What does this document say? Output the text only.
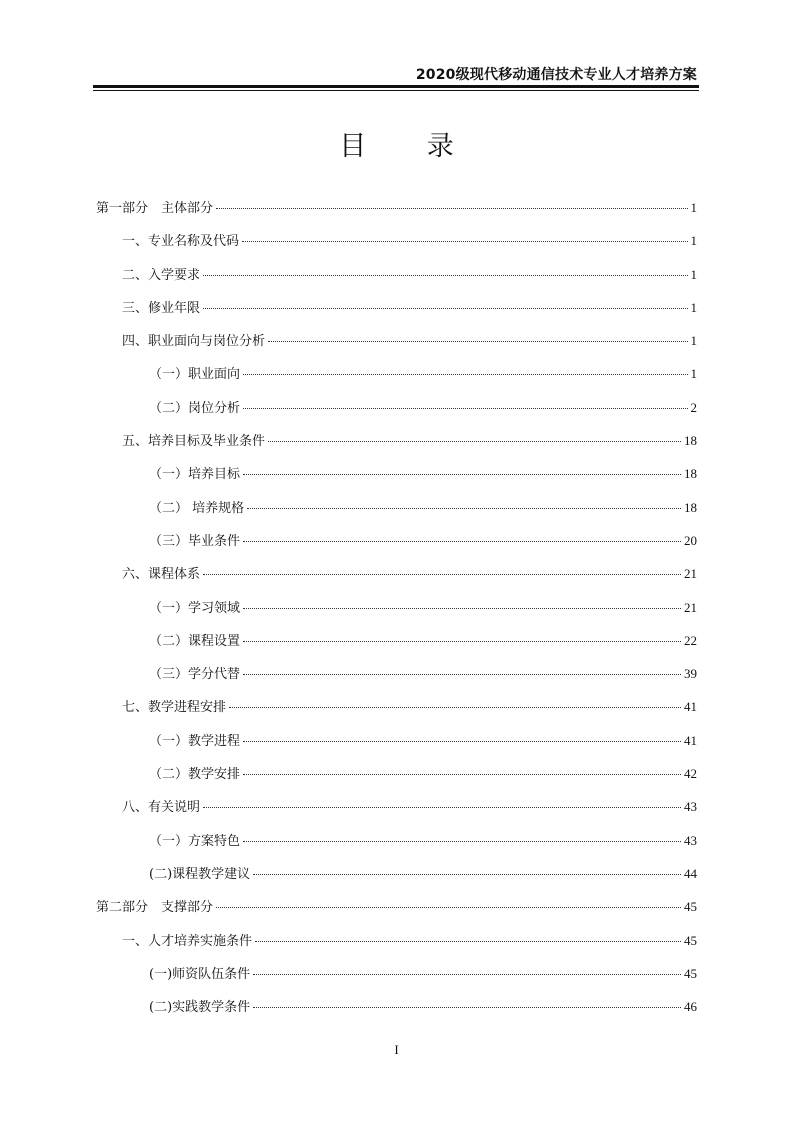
2020级现代移动通信技术专业人才培养方案
目 录
第一部分　主体部分	1
一、专业名称及代码	1
二、入学要求	1
三、修业年限	1
四、职业面向与岗位分析	1
（一）职业面向	1
（二）岗位分析	2
五、培养目标及毕业条件	18
（一）培养目标	18
（二） 培养规格	18
（三）毕业条件	20
六、课程体系	21
（一）学习领域	21
（二）课程设置	22
（三）学分代替	39
七、教学进程安排	41
（一）教学进程	41
（二）教学安排	42
八、有关说明	43
（一）方案特色	43
(二)课程教学建议	44
第二部分　支撑部分	45
一、人才培养实施条件	45
(一)师资队伍条件	45
(二)实践教学条件	46
I
